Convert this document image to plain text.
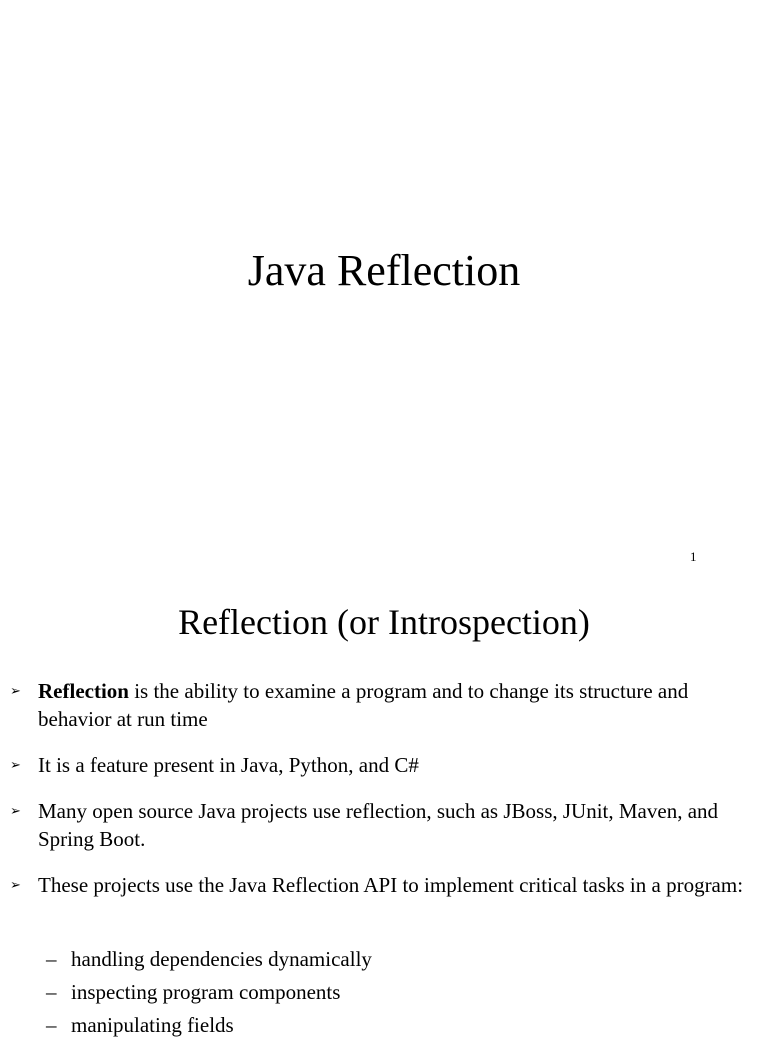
Java Reflection
1
Reflection (or Introspection)
➢ Reflection is the ability to examine a program and to change its structure and behavior at run time
➢ It is a feature present in Java, Python, and C#
➢ Many open source Java projects use reflection, such as JBoss, JUnit, Maven, and Spring Boot.
➢ These projects use the Java Reflection API to implement critical tasks in a program:
– handling dependencies dynamically
– inspecting program components
– manipulating fields
